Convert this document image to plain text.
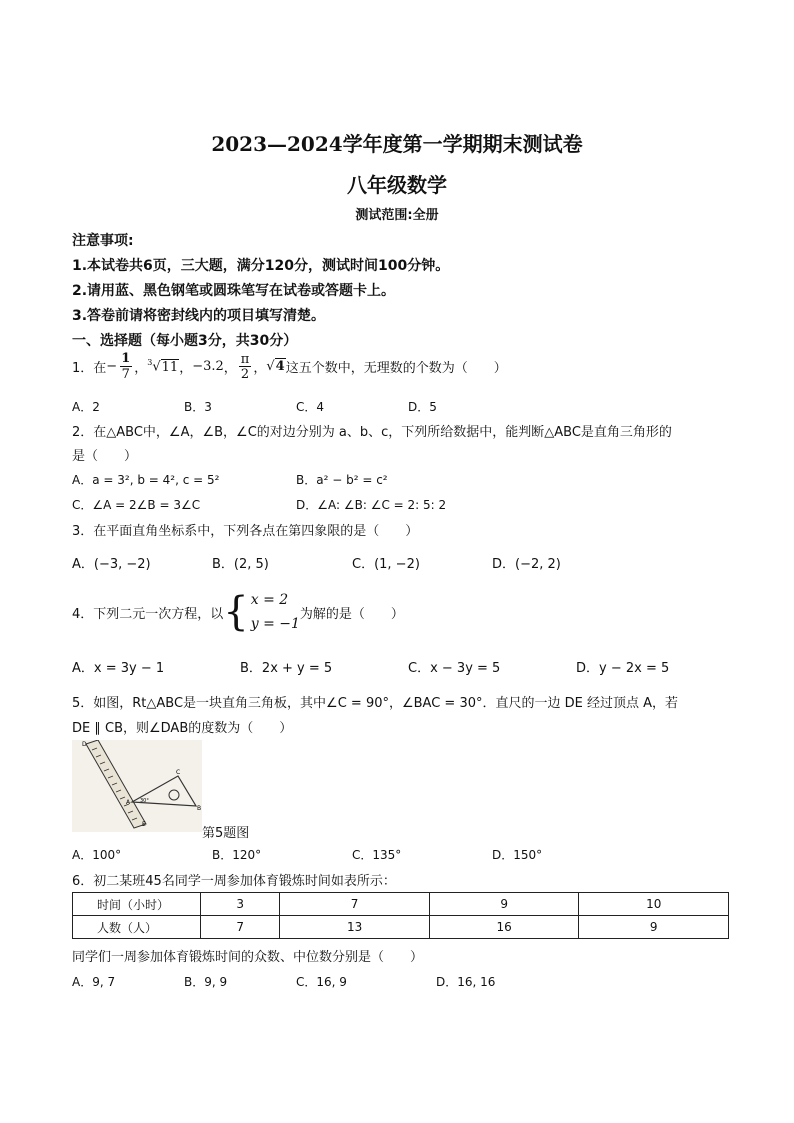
2023—2024学年度第一学期期末测试卷
八年级数学
测试范围:全册
注意事项:
1.本试卷共6页，三大题，满分120分，测试时间100分钟。
2.请用蓝、黑色钢笔或圆珠笔写在试卷或答题卡上。
3.答卷前请将密封线内的项目填写清楚。
一、选择题（每小题3分，共30分）
1．在 − $\frac{1}{7}$ ， $^3$√11 ， −3.2 ， $\frac{\pi}{2}$ ， √4 这五个数中，无理数的个数为（　　）
A．2	B．3	C．4	D．5
2．在△ABC中，∠A，∠B，∠C的对边分别为 a、b、c，下列所给数据中，能判断△ABC是直角三角形的
是（　　）
A．a = 3², b = 4², c = 5²	B．a² − b² = c²
C．∠A = 2∠B = 3∠C	D．∠A: ∠B: ∠C = 2: 5: 2
3．在平面直角坐标系中，下列各点在第四象限的是（　　）
A．(−3, −2)	B．(2, 5)	C．(1, −2)	D．(−2, 2)
4．下列二元一次方程，以 { x = 2
y = −1
为解的是（　　）
A．x = 3y − 1	B．2x + y = 5	C．x − 3y = 5	D．y − 2x = 5
5．如图，Rt△ABC是一块直角三角板，其中∠C = 90°，∠BAC = 30°．直尺的一边 DE 经过顶点 A，若
DE ∥ CB，则∠DAB的度数为（　　）
D
A
E
C
B
30°
第5题图
A．100°	B．120°	C．135°	D．150°
6．初二某班45名同学一周参加体育锻炼时间如表所示：
时间（小时）	3	7	9	10
人数（人）	7	13	16	9
同学们一周参加体育锻炼时间的众数、中位数分别是（　　）
A．9, 7	B．9, 9	C．16, 9	D．16, 16
